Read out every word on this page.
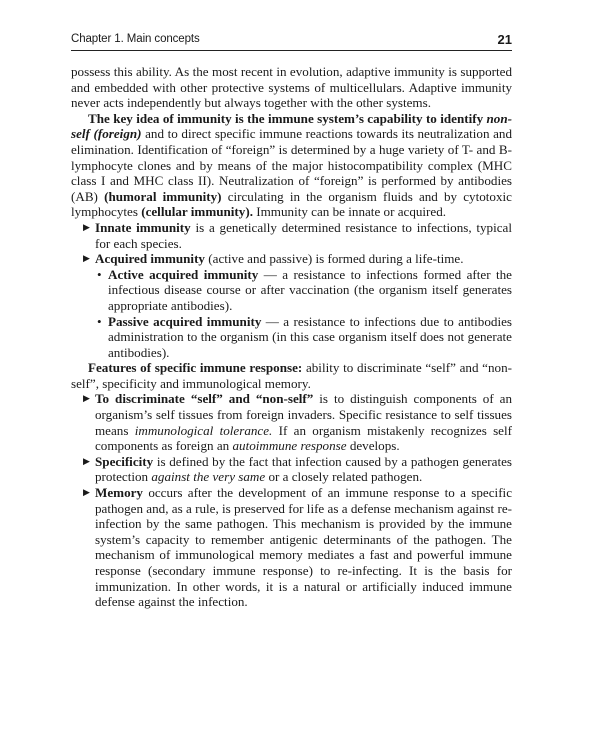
Chapter 1. Main concepts	21

possess this ability. As the most recent in evolution, adaptive immunity is supported and embedded with other protective systems of multicellulars. Adaptive immunity never acts independently but always together with the other systems.

The key idea of immunity is the immune system’s capability to identify non-self (foreign) and to direct specific immune reactions towards its neutralization and elimination. Identification of “foreign” is determined by a huge variety of T- and B-lymphocyte clones and by means of the major histocompatibility complex (MHC class I and MHC class II). Neutralization of “foreign” is performed by antibodies (AB) (humoral immunity) circulating in the organism fluids and by cytotoxic lymphocytes (cellular immunity). Immunity can be innate or acquired.

▶ Innate immunity is a genetically determined resistance to infections, typical for each species.

▶ Acquired immunity (active and passive) is formed during a life-time.

• Active acquired immunity — a resistance to infections formed after the infectious disease course or after vaccination (the organism itself generates appropriate antibodies).

• Passive acquired immunity — a resistance to infections due to antibodies administration to the organism (in this case organism itself does not generate antibodies).

Features of specific immune response: ability to discriminate “self” and “non-self”, specificity and immunological memory.

▶ To discriminate “self” and “non-self” is to distinguish components of an organism’s self tissues from foreign invaders. Specific resistance to self tissues means immunological tolerance. If an organism mistakenly recognizes self components as foreign an autoimmune response develops.

▶ Specificity is defined by the fact that infection caused by a pathogen generates protection against the very same or a closely related pathogen.

▶ Memory occurs after the development of an immune response to a specific pathogen and, as a rule, is preserved for life as a defense mechanism against re-infection by the same pathogen. This mechanism is provided by the immune system’s capacity to remember antigenic determinants of the pathogen. The mechanism of immunological memory mediates a fast and powerful immune response (secondary immune response) to re-infecting. It is the basis for immunization. In other words, it is a natural or artificially induced immune defense against the infection.
